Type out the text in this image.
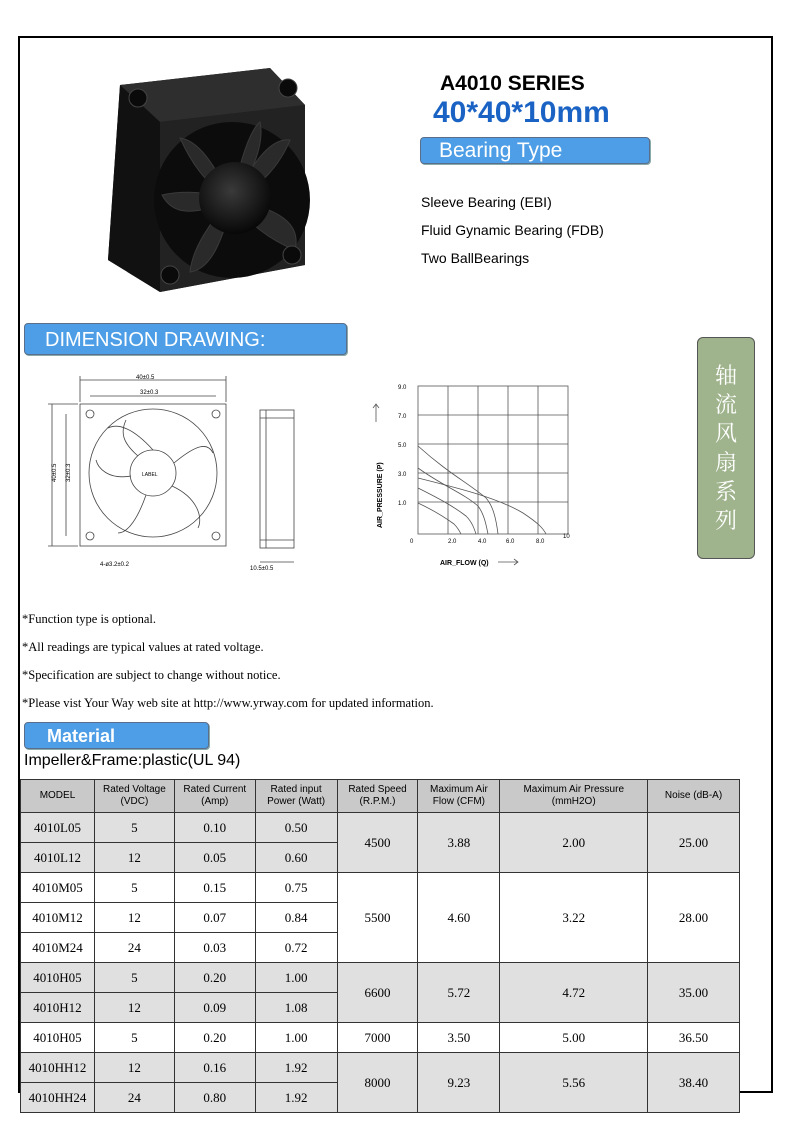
A4010 SERIES
40*40*10mm
Bearing Type
Sleeve Bearing (EBI)
Fluid Gynamic Bearing (FDB)
Two BallBearings
DIMENSION DRAWING:
40±0.5
32±0.3
LABEL
40±0.5 32±0.3
4-ø3.2±0.2
10.5±0.5
9.0
7.0
5.0
3.0
1.0
0	2.0	4.0	6.0	8.0
10
AIR_FLOW (Q)
AIR_PRESSURE (P)
轴
流
风
扇
系
列
*Function type is optional.
*All readings are typical values at rated voltage.
*Specification are subject to change without notice.
*Please vist Your Way web site at http://www.yrway.com for updated information.
Material
Impeller&Frame:plastic(UL 94)
MODEL	Rated Voltage (VDC)	Rated Current (Amp)	Rated input Power (Watt)	Rated Speed (R.P.M.)	Maximum Air Flow (CFM)	Maximum Air Pressure (mmH2O)	Noise (dB-A)
4010L05	5	0.10	0.50	4500	3.88	2.00	25.00
4010L12	12	0.05	0.60				
4010M05	5	0.15	0.75	5500	4.60	3.22	28.00
4010M12	12	0.07	0.84				
4010M24	24	0.03	0.72				
4010H05	5	0.20	1.00	6600	5.72	4.72	35.00
4010H12	12	0.09	1.08				
4010H05	5	0.20	1.00	7000	3.50	5.00	36.50
4010HH12	12	0.16	1.92	8000	9.23	5.56	38.40
4010HH24	24	0.80	1.92				
